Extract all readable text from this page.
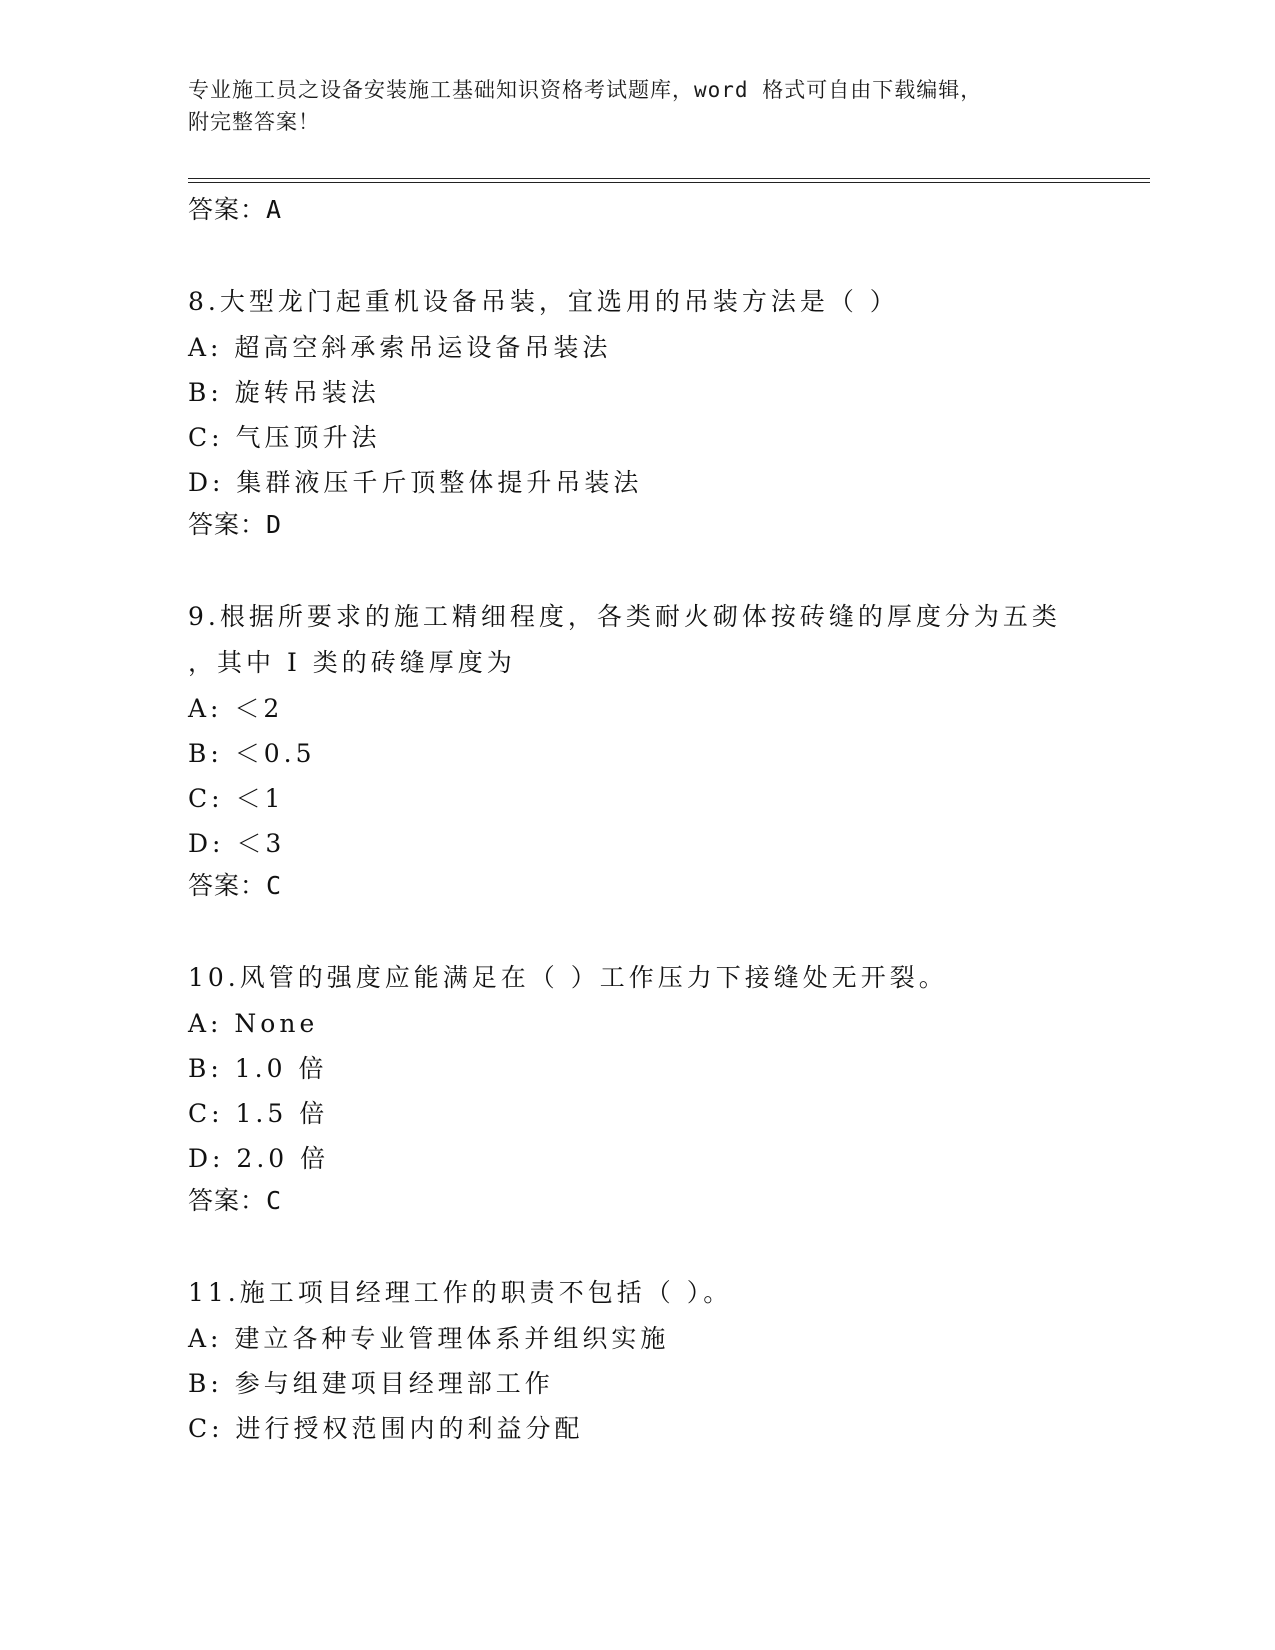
专业施工员之设备安装施工基础知识资格考试题库，word 格式可自由下载编辑，
附完整答案！
答案：A
8.大型龙门起重机设备吊装，宜选用的吊装方法是（ ）
A: 超高空斜承索吊运设备吊装法
B: 旋转吊装法
C: 气压顶升法
D: 集群液压千斤顶整体提升吊装法
答案：D
9.根据所要求的施工精细程度，各类耐火砌体按砖缝的厚度分为五类
，其中 I 类的砖缝厚度为
A: ＜2
B: ＜0.5
C: ＜1
D: ＜3
答案：C
10.风管的强度应能满足在（ ）工作压力下接缝处无开裂。
A: None
B: 1.0 倍
C: 1.5 倍
D: 2.0 倍
答案：C
11.施工项目经理工作的职责不包括（ ）。
A: 建立各种专业管理体系并组织实施
B: 参与组建项目经理部工作
C: 进行授权范围内的利益分配
